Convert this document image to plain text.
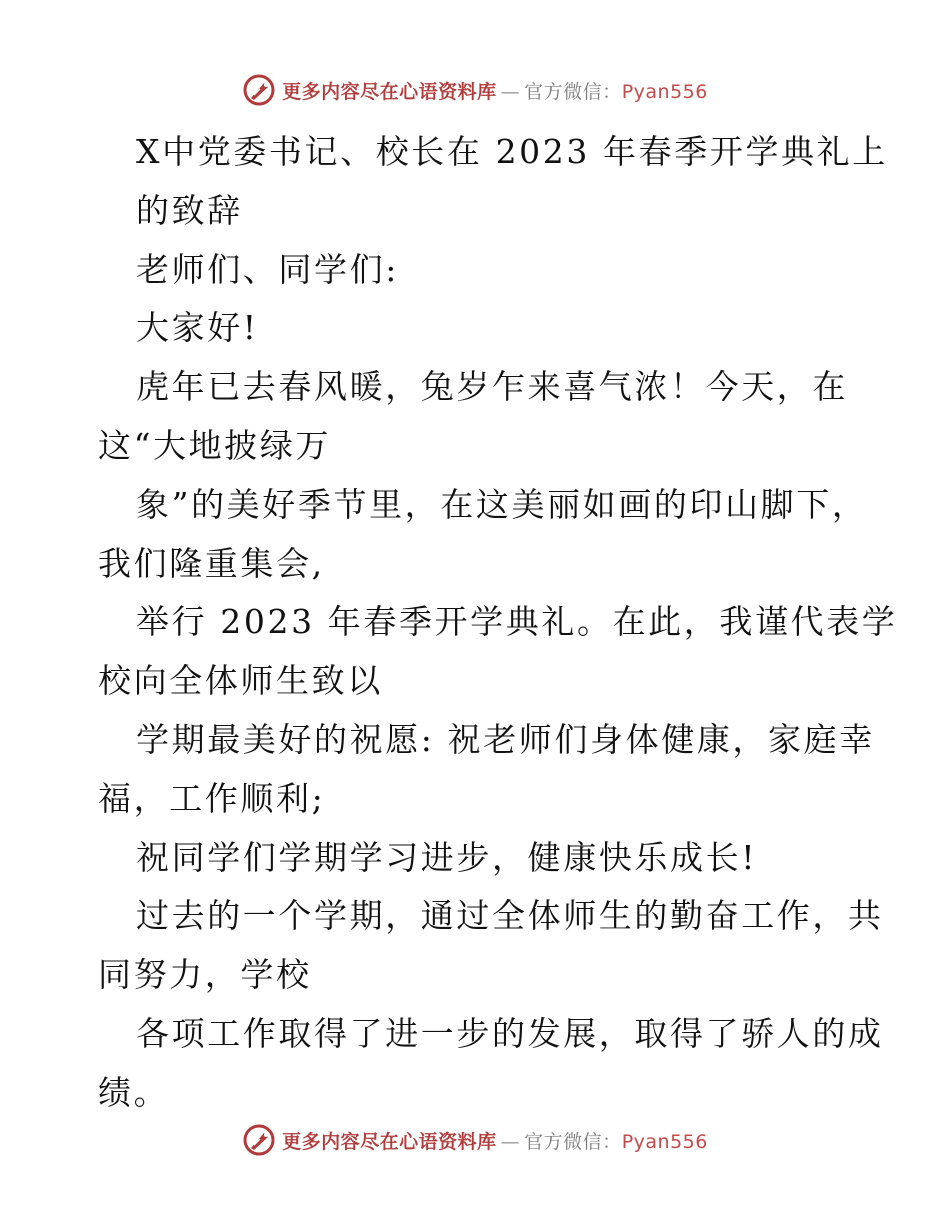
更多内容尽在心语资料库 — 官方微信：Pyan556
X中党委书记、校长在 2023 年春季开学典礼上
的致辞
老师们、同学们:
大家好!
虎年已去春风暖，兔岁乍来喜气浓！今天，在
这“大地披绿万
象”的美好季节里，在这美丽如画的印山脚下，
我们隆重集会,
举行 2023 年春季开学典礼。在此，我谨代表学
校向全体师生致以
学期最美好的祝愿: 祝老师们身体健康，家庭幸
福，工作顺利;
祝同学们学期学习进步，健康快乐成长!
过去的一个学期，通过全体师生的勤奋工作，共
同努力，学校
各项工作取得了进一步的发展，取得了骄人的成
绩。
更多内容尽在心语资料库 — 官方微信：Pyan556
